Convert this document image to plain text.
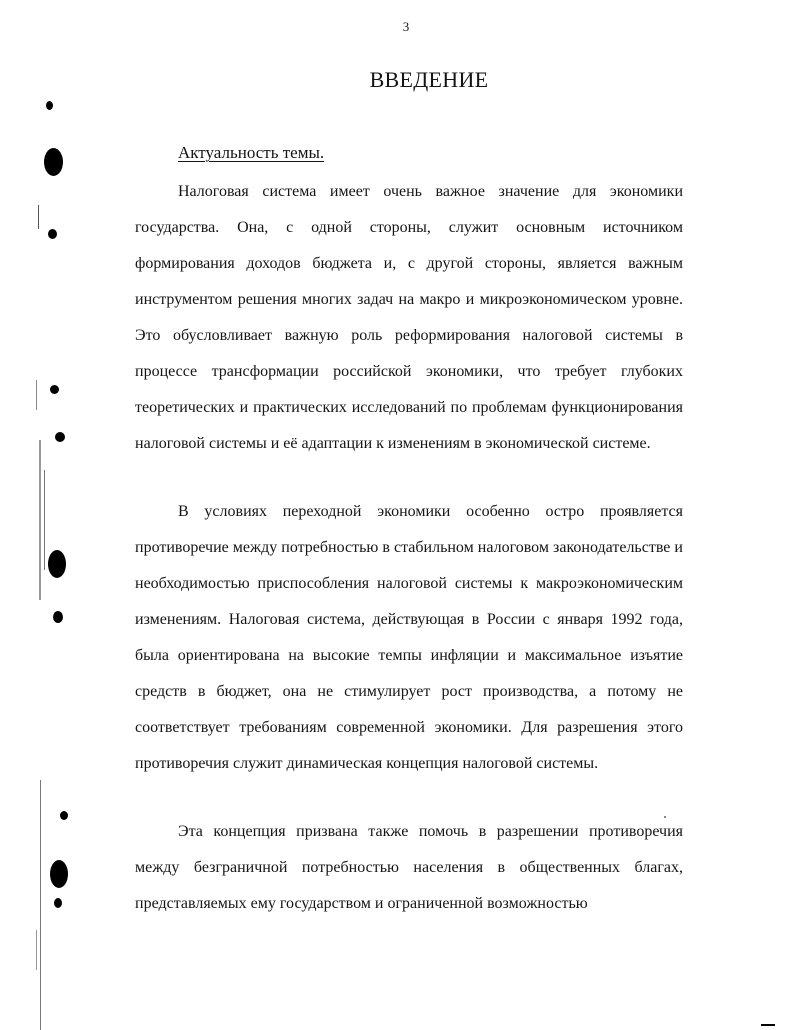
3
ВВЕДЕНИЕ
Актуальность темы.

Налоговая система имеет очень важное значение для экономики государства. Она, с одной стороны, служит основным источником формирования доходов бюджета и, с другой стороны, является важным инструментом решения многих задач на макро и микроэкономическом уровне. Это обусловливает важную роль реформирования налоговой системы в процессе трансформации российской экономики, что требует глубоких теоретических и практических исследований по проблемам функционирования налоговой системы и её адаптации к изменениям в экономической системе.

В условиях переходной экономики особенно остро проявляется противоречие между потребностью в стабильном налоговом законодательстве и необходимостью приспособления налоговой системы к макроэкономическим изменениям. Налоговая система, действующая в России с января 1992 года, была ориентирована на высокие темпы инфляции и максимальное изъятие средств в бюджет, она не стимулирует рост производства, а потому не соответствует требованиям современной экономики. Для разрешения этого противоречия служит динамическая концепция налоговой системы.

Эта концепция призвана также помочь в разрешении противоречия между безграничной потребностью населения в общественных благах, представляемых ему государством и ограниченной возможностью
